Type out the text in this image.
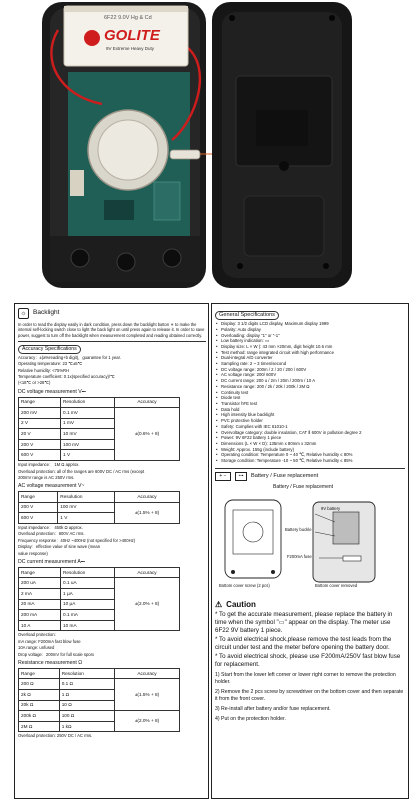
6F22 9.0V Hg & Cd
GOLITE
9V Extreme Heavy Duty
☼ Backlight
In order to read the display easily in dark condition, press down the backlight button ☀ to make the internal self-locking switch close to light the back light on until press again to release it. In order to save power, suggest to turn off the backlight when measurement completed and reading obtained correctly.
Accuracy Specifications
Accuracy：±(a%reading+b digit)，guarantee for 1 year.
Operating temperature: 23 ℃±5℃
Relative humidity: <75%RH
Temperature coefficient: 0.1x(specified accuracy)/℃
(<18℃ or >28℃)
DC voltage measurement V⎓
Range	Resolution	Accuracy
200 mV	0.1 mV	±(0.6% + 8)
2 V	1 mV	
20 V	10 mV	
200 V	100 mV	
600 V	1 V	
Input impedance： 1M Ω approx.
Overload protection: all of the ranges are 600V DC / AC rms (except
200mV range is AC 250V rms.
AC voltage measurement V~
Range	Resolution	Accuracy
200 V	100 mV	±(1.5% + 8)
600 V	1 V	
Input impedance： 450k Ω approx.
Overload protection：600V AC rms.
Frequency response：40Hz ~400Hz (not specified for >400Hz)
Display：effective value of sine wave (mean
value response)
DC current measurement A⎓
Range	Resolution	Accuracy
200 uA	0.1 uA	±(2.0% + 8)
2 mA	1 μA	
20 mA	10 μA	
200 mA	0.1 mA	
10 A	10 mA	
Overload protection:
mA range: F200mA fast blow fuse
10A range: unfused
Drop voltage：200mV for full scale sporx
Resistance measurement Ω
Range	Resolution	Accuracy
200 Ω	0.1 Ω	±(1.5% + 8)
2k Ω	1 Ω	
20k Ω	10 Ω	
200k Ω	100 Ω	±(2.0% + 8)
2M Ω	1 kΩ	
Overload protection: 250V DC / AC rms.
General Specifications
• Display: 3 1/2 digits LCD display, Maximum display 1999
• Polarity: Auto display
• Overloading: display "1" or "-1"
• Low battery indication: ▭
• Display size: L × W ): 43 mm ×20mm, digit height 10.6 mm
• Test method: range integrated circuit with high performance
• Dual-integral A/D converter
• Sampling rate: 2 ~ 3 times/second
• DC voltage range: 200m / 2 / 20 / 200 / 600V
• AC voltage range: 200/ 600V
• DC current range: 200 u / 2m / 20m / 200m / 10 A
• Resistance range: 200 / 2k / 20k / 200k / 2M Ω
• Continuity test
• Diode test
• Transistor hFE test
• Data hold
• High intensity blue backlight
• PVC protective holder
• Safety: Complies with IEC 61010-1
• Overvoltage category: double insulation, CAT Ⅱ 600V in pollution degree 2
• Power: 9V 6F22 battery 1 piece
• Dimensions (L × W × D): 135mm x 80mm x 32mm
• Weight: Approx. 155g (include battery)
• Operating condition: Temperature 0 ~ 40 ℃, Relative humidity ≤ 80%
• Storage condition: Temperature -10 ~ 50 ℃, Relative humidity ≤ 85%
+ −	⊶	Battery / Fuse replacement
Battery / Fuse replacement
9V battery
Battery buckle
F200mA fuse
Bottom cover screw (2 pcs)	Bottom cover removed
⚠ Caution
* To get the accurate measurement, please replace the battery in time when the symbol "▭" appear on the display. The meter use 6F22 9V battery 1 piece.
* To avoid electrical shock,please remove the test leads from the circuit under test and the meter before opening the battery door.
* To avoid electrical shock, please use F200mA/250V fast blow fuse for replacement.
1) Start from the lower left corner or lower right corner to remove the protection holder.
2) Remove the 2 pcs screw by screwdriver on the bottom cover and then separate it from the front cover.
3) Re-install after battery and/or fuse replacement.
4) Put on the protection holder.
